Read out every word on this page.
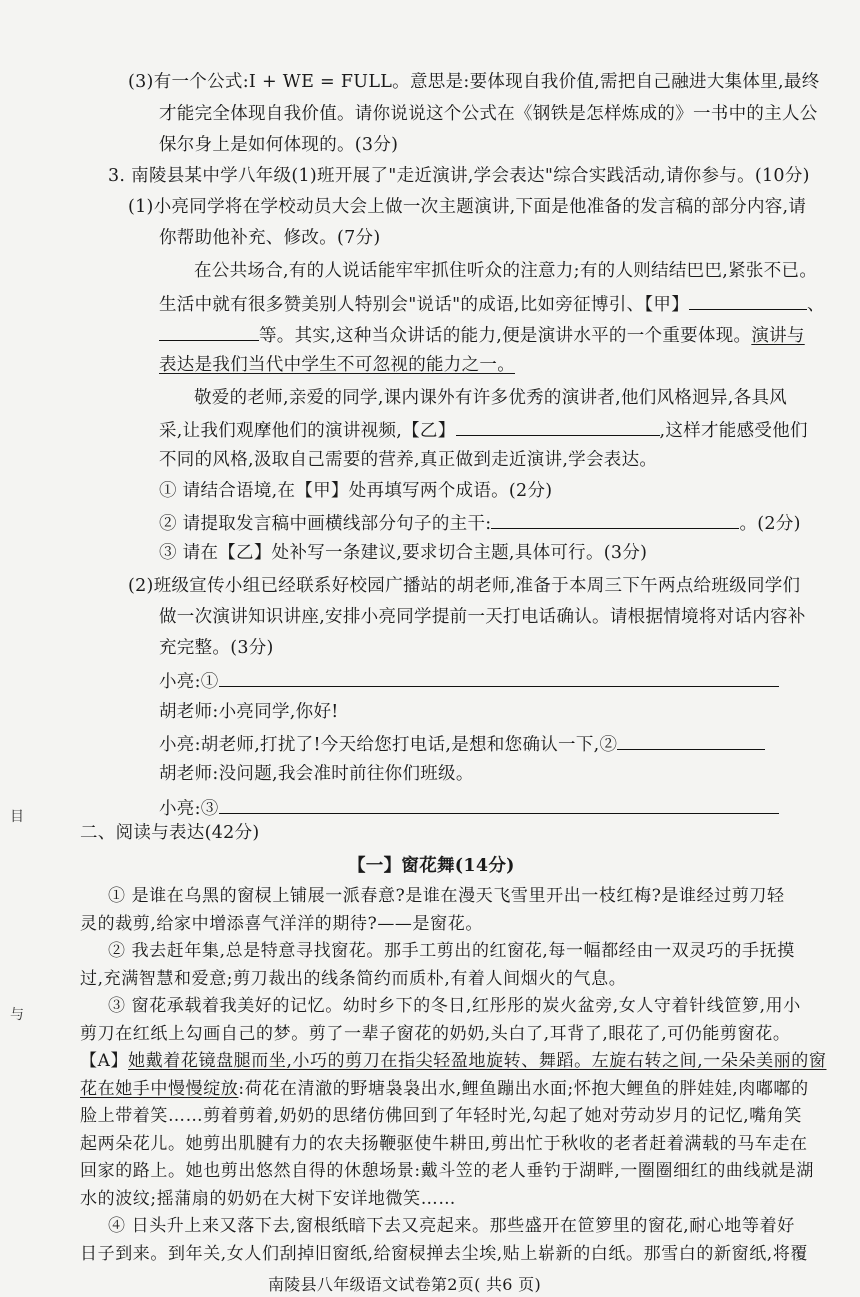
(3)有一个公式:I + WE = FULL。意思是:要体现自我价值,需把自己融进大集体里,最终
才能完全体现自我价值。请你说说这个公式在《钢铁是怎样炼成的》一书中的主人公
保尔身上是如何体现的。(3分)
3. 南陵县某中学八年级(1)班开展了"走近演讲,学会表达"综合实践活动,请你参与。(10分)
(1)小亮同学将在学校动员大会上做一次主题演讲,下面是他准备的发言稿的部分内容,请
你帮助他补充、修改。(7分)
在公共场合,有的人说话能牢牢抓住听众的注意力;有的人则结结巴巴,紧张不已。
生活中就有很多赞美别人特别会"说话"的成语,比如旁征博引、【甲】	、
等。其实,这种当众讲话的能力,便是演讲水平的一个重要体现。演讲与
表达是我们当代中学生不可忽视的能力之一。
敬爱的老师,亲爱的同学,课内课外有许多优秀的演讲者,他们风格迥异,各具风
采,让我们观摩他们的演讲视频,【乙】	,这样才能感受他们
不同的风格,汲取自己需要的营养,真正做到走近演讲,学会表达。
① 请结合语境,在【甲】处再填写两个成语。(2分)
② 请提取发言稿中画横线部分句子的主干:	。(2分)
③ 请在【乙】处补写一条建议,要求切合主题,具体可行。(3分)
(2)班级宣传小组已经联系好校园广播站的胡老师,准备于本周三下午两点给班级同学们
做一次演讲知识讲座,安排小亮同学提前一天打电话确认。请根据情境将对话内容补
充完整。(3分)
小亮:①
胡老师:小亮同学,你好!
小亮:胡老师,打扰了!今天给您打电话,是想和您确认一下,②
胡老师:没问题,我会准时前往你们班级。
小亮:③
目
与
二、阅读与表达(42分)
【一】窗花舞(14分)
① 是谁在乌黑的窗棂上铺展一派春意?是谁在漫天飞雪里开出一枝红梅?是谁经过剪刀轻
灵的裁剪,给家中增添喜气洋洋的期待?——是窗花。
② 我去赶年集,总是特意寻找窗花。那手工剪出的红窗花,每一幅都经由一双灵巧的手抚摸
过,充满智慧和爱意;剪刀裁出的线条简约而质朴,有着人间烟火的气息。
③ 窗花承载着我美好的记忆。幼时乡下的冬日,红彤彤的炭火盆旁,女人守着针线笸箩,用小
剪刀在红纸上勾画自己的梦。剪了一辈子窗花的奶奶,头白了,耳背了,眼花了,可仍能剪窗花。
【A】她戴着花镜盘腿而坐,小巧的剪刀在指尖轻盈地旋转、舞蹈。左旋右转之间,一朵朵美丽的窗
花在她手中慢慢绽放:荷花在清澈的野塘袅袅出水,鲤鱼蹦出水面;怀抱大鲤鱼的胖娃娃,肉嘟嘟的
脸上带着笑……剪着剪着,奶奶的思绪仿佛回到了年轻时光,勾起了她对劳动岁月的记忆,嘴角笑
起两朵花儿。她剪出肌腱有力的农夫扬鞭驱使牛耕田,剪出忙于秋收的老者赶着满载的马车走在
回家的路上。她也剪出悠然自得的休憩场景:戴斗笠的老人垂钓于湖畔,一圈圈细红的曲线就是湖
水的波纹;摇蒲扇的奶奶在大树下安详地微笑……
④ 日头升上来又落下去,窗根纸暗下去又亮起来。那些盛开在笸箩里的窗花,耐心地等着好
日子到来。到年关,女人们刮掉旧窗纸,给窗棂掸去尘埃,贴上崭新的白纸。那雪白的新窗纸,将覆
南陵县八年级语文试卷第2页( 共6 页)
